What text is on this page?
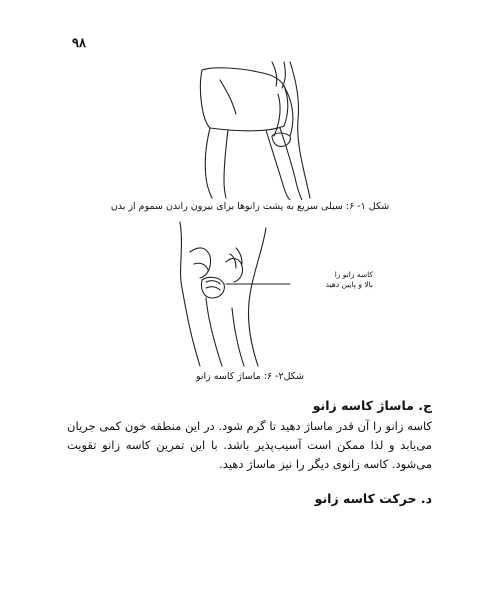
۹۸
شکل ۱- ۶: سیلی سریع به پشت زانوها برای بیرون راندن سموم از بدن
کاسه زانو را
بالا و پایین دهید
شکل۲- ۶: ماساژ کاسه زانو
ج. ماساژ کاسه زانو

کاسه زانو را آن قدر ماساژ دهید تا گرم شود. در این منطقه خون کمی جریان می‌یابد و لذا ممکن است آسیب‌پذیر باشد. با این تمرین کاسه زانو تقویت می‌شود. کاسه زانوی دیگر را نیز ماساژ دهید.

د. حرکت کاسه زانو
